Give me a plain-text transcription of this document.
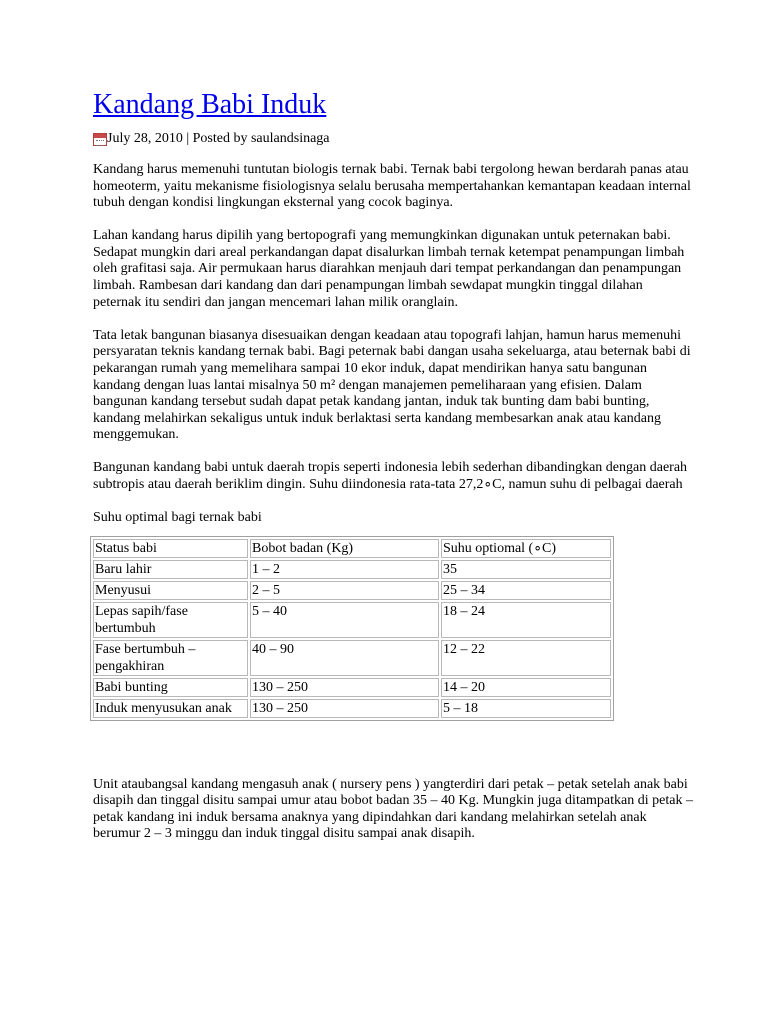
Kandang Babi Induk
July 28, 2010 | Posted by saulandsinaga

Kandang harus memenuhi tuntutan biologis ternak babi. Ternak babi tergolong hewan berdarah panas atau homeoterm, yaitu mekanisme fisiologisnya selalu berusaha mempertahankan kemantapan keadaan internal tubuh dengan kondisi lingkungan eksternal yang cocok baginya.

Lahan kandang harus dipilih yang bertopografi yang memungkinkan digunakan untuk peternakan babi. Sedapat mungkin dari areal perkandangan dapat disalurkan limbah ternak ketempat penampungan limbah oleh grafitasi saja. Air permukaan harus diarahkan menjauh dari tempat perkandangan dan penampungan limbah. Rambesan dari kandang dan dari penampungan limbah sewdapat mungkin tinggal dilahan peternak itu sendiri dan jangan mencemari lahan milik oranglain.

Tata letak bangunan biasanya disesuaikan dengan keadaan atau topografi lahjan, hamun harus memenuhi persyaratan teknis kandang ternak babi. Bagi peternak babi dangan usaha sekeluarga, atau beternak babi di pekarangan rumah yang memelihara sampai 10 ekor induk, dapat mendirikan hanya satu bangunan kandang dengan luas lantai misalnya 50 m² dengan manajemen pemeliharaan yang efisien. Dalam bangunan kandang tersebut sudah dapat petak kandang jantan, induk tak bunting dam babi bunting, kandang melahirkan sekaligus untuk induk berlaktasi serta kandang membesarkan anak atau kandang menggemukan.

Bangunan kandang babi untuk daerah tropis seperti indonesia lebih sederhan dibandingkan dengan daerah subtropis atau daerah beriklim dingin. Suhu diindonesia rata-tata 27,2∘C, namun suhu di pelbagai daerah

Suhu optimal bagi ternak babi

Status babi	Bobot badan (Kg)	Suhu optiomal (∘C)
Baru lahir	1 – 2	35
Menyusui	2 – 5	25 – 34
Lepas sapih/fase bertumbuh	5 – 40	18 – 24
Fase bertumbuh – pengakhiran	40 – 90	12 – 22
Babi bunting	130 – 250	14 – 20
Induk menyusukan anak	130 – 250	5 – 18

Unit ataubangsal kandang mengasuh anak ( nursery pens ) yangterdiri dari petak – petak setelah anak babi disapih dan tinggal disitu sampai umur atau bobot badan 35 – 40 Kg. Mungkin juga ditampatkan di petak – petak kandang ini induk bersama anaknya yang dipindahkan dari kandang melahirkan setelah anak berumur 2 – 3 minggu dan induk tinggal disitu sampai anak disapih.
